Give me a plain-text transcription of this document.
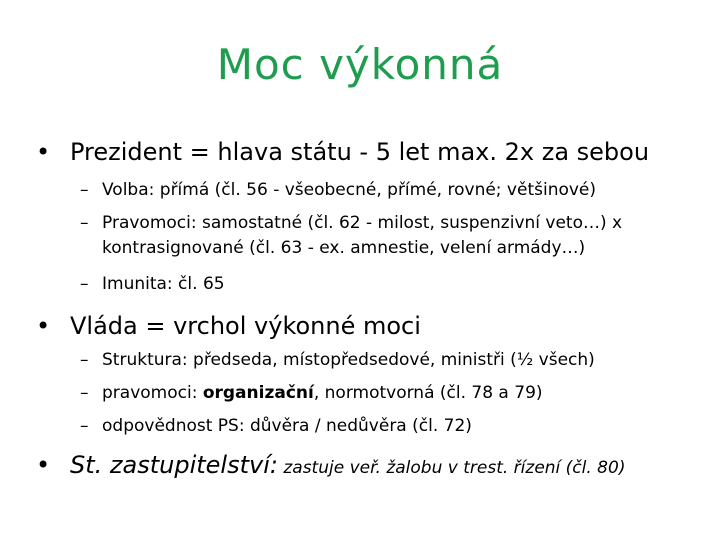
Moc výkonná
• Prezident = hlava státu - 5 let max. 2x za sebou
– Volba: přímá (čl. 56 - všeobecné, přímé, rovné; většinové)
– Pravomoci: samostatné (čl. 62 - milost, suspenzivní veto…) x
kontrasignované (čl. 63 - ex. amnestie, velení armády…)
– Imunita: čl. 65
• Vláda = vrchol výkonné moci
– Struktura: předseda, místopředsedové, ministři (½ všech)
– pravomoci: organizační, normotvorná (čl. 78 a 79)
– odpovědnost PS: důvěra / nedůvěra (čl. 72)
• St. zastupitelství: zastuje veř. žalobu v trest. řízení (čl. 80)
